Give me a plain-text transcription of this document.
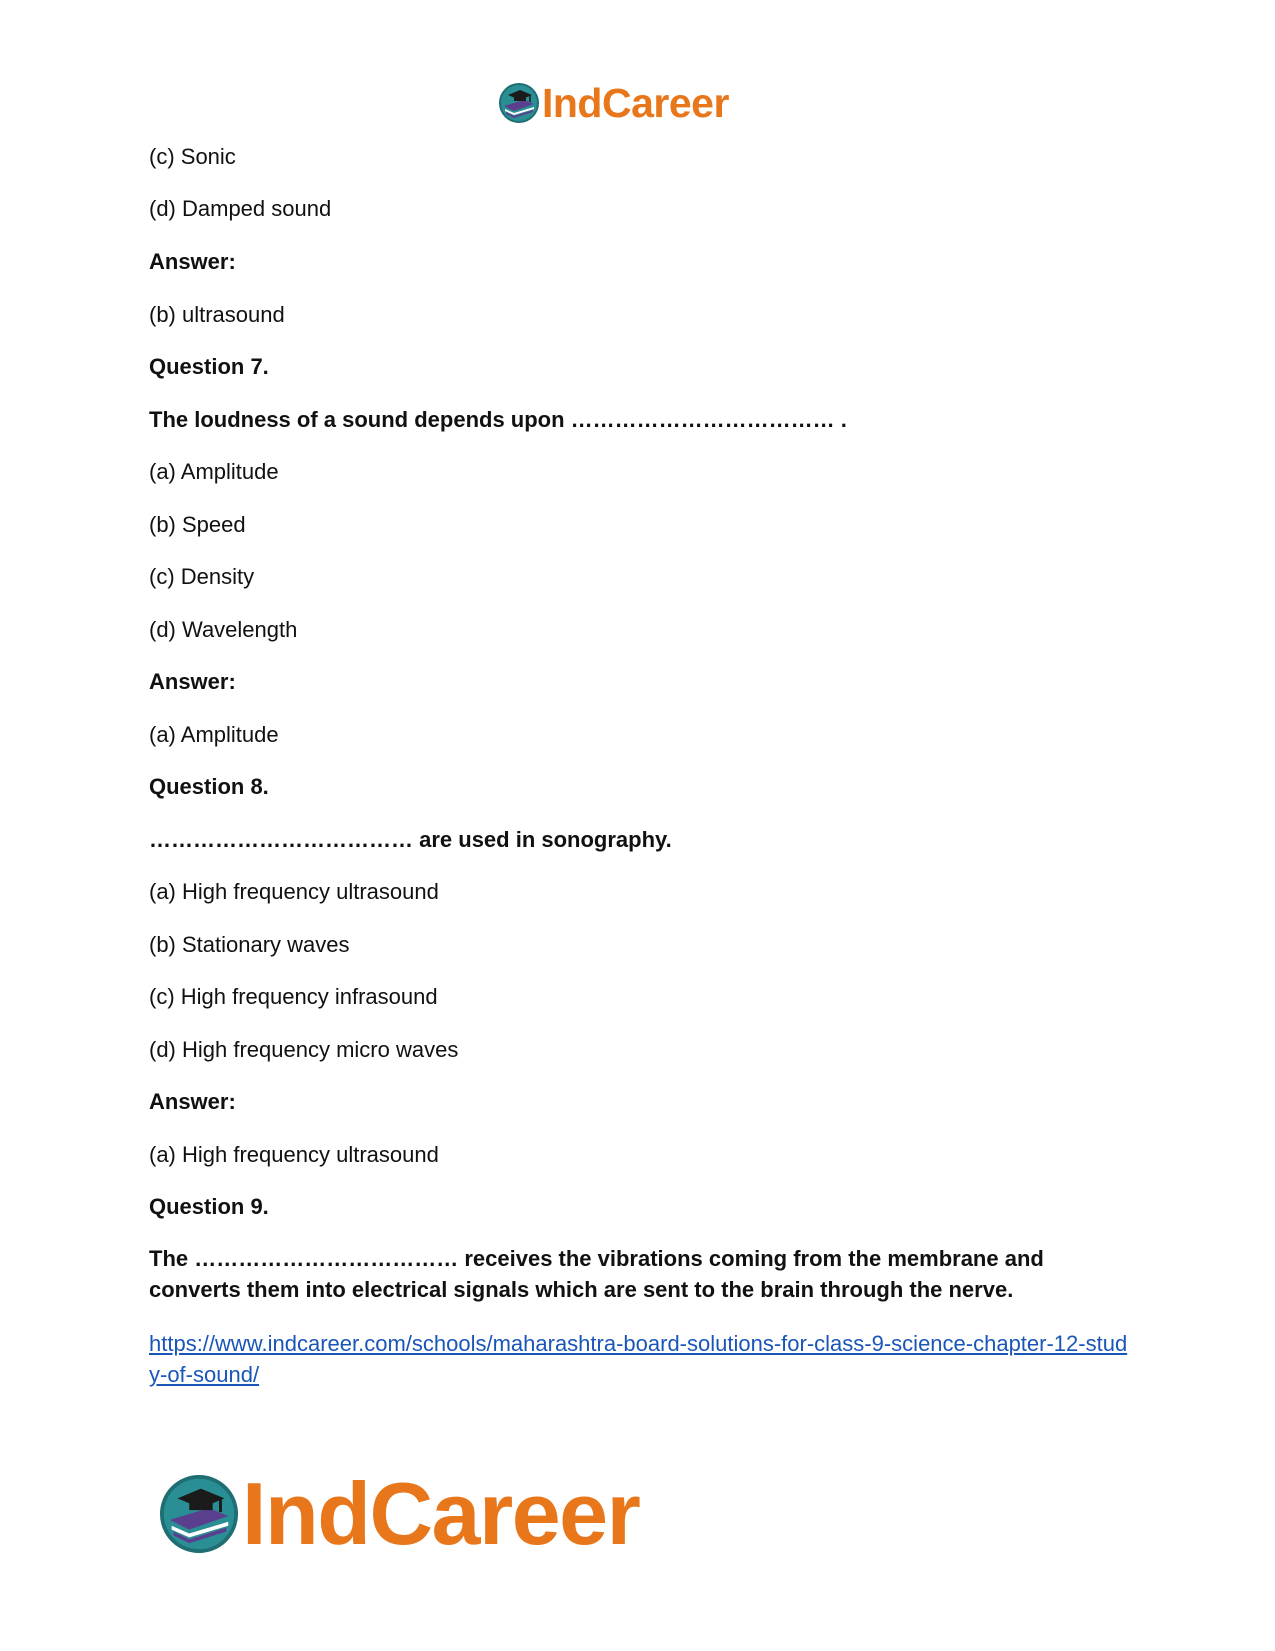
IndCareer
(c) Sonic
(d) Damped sound
Answer:
(b) ultrasound
Question 7.
The loudness of a sound depends upon ……………………………… .
(a) Amplitude
(b) Speed
(c) Density
(d) Wavelength
Answer:
(a) Amplitude
Question 8.
……………………………… are used in sonography.
(a) High frequency ultrasound
(b) Stationary waves
(c) High frequency infrasound
(d) High frequency micro waves
Answer:
(a) High frequency ultrasound
Question 9.
The ……………………………… receives the vibrations coming from the membrane and converts them into electrical signals which are sent to the brain through the nerve.
https://www.indcareer.com/schools/maharashtra-board-solutions-for-class-9-science-chapter-12-study-of-sound/
IndCareer
